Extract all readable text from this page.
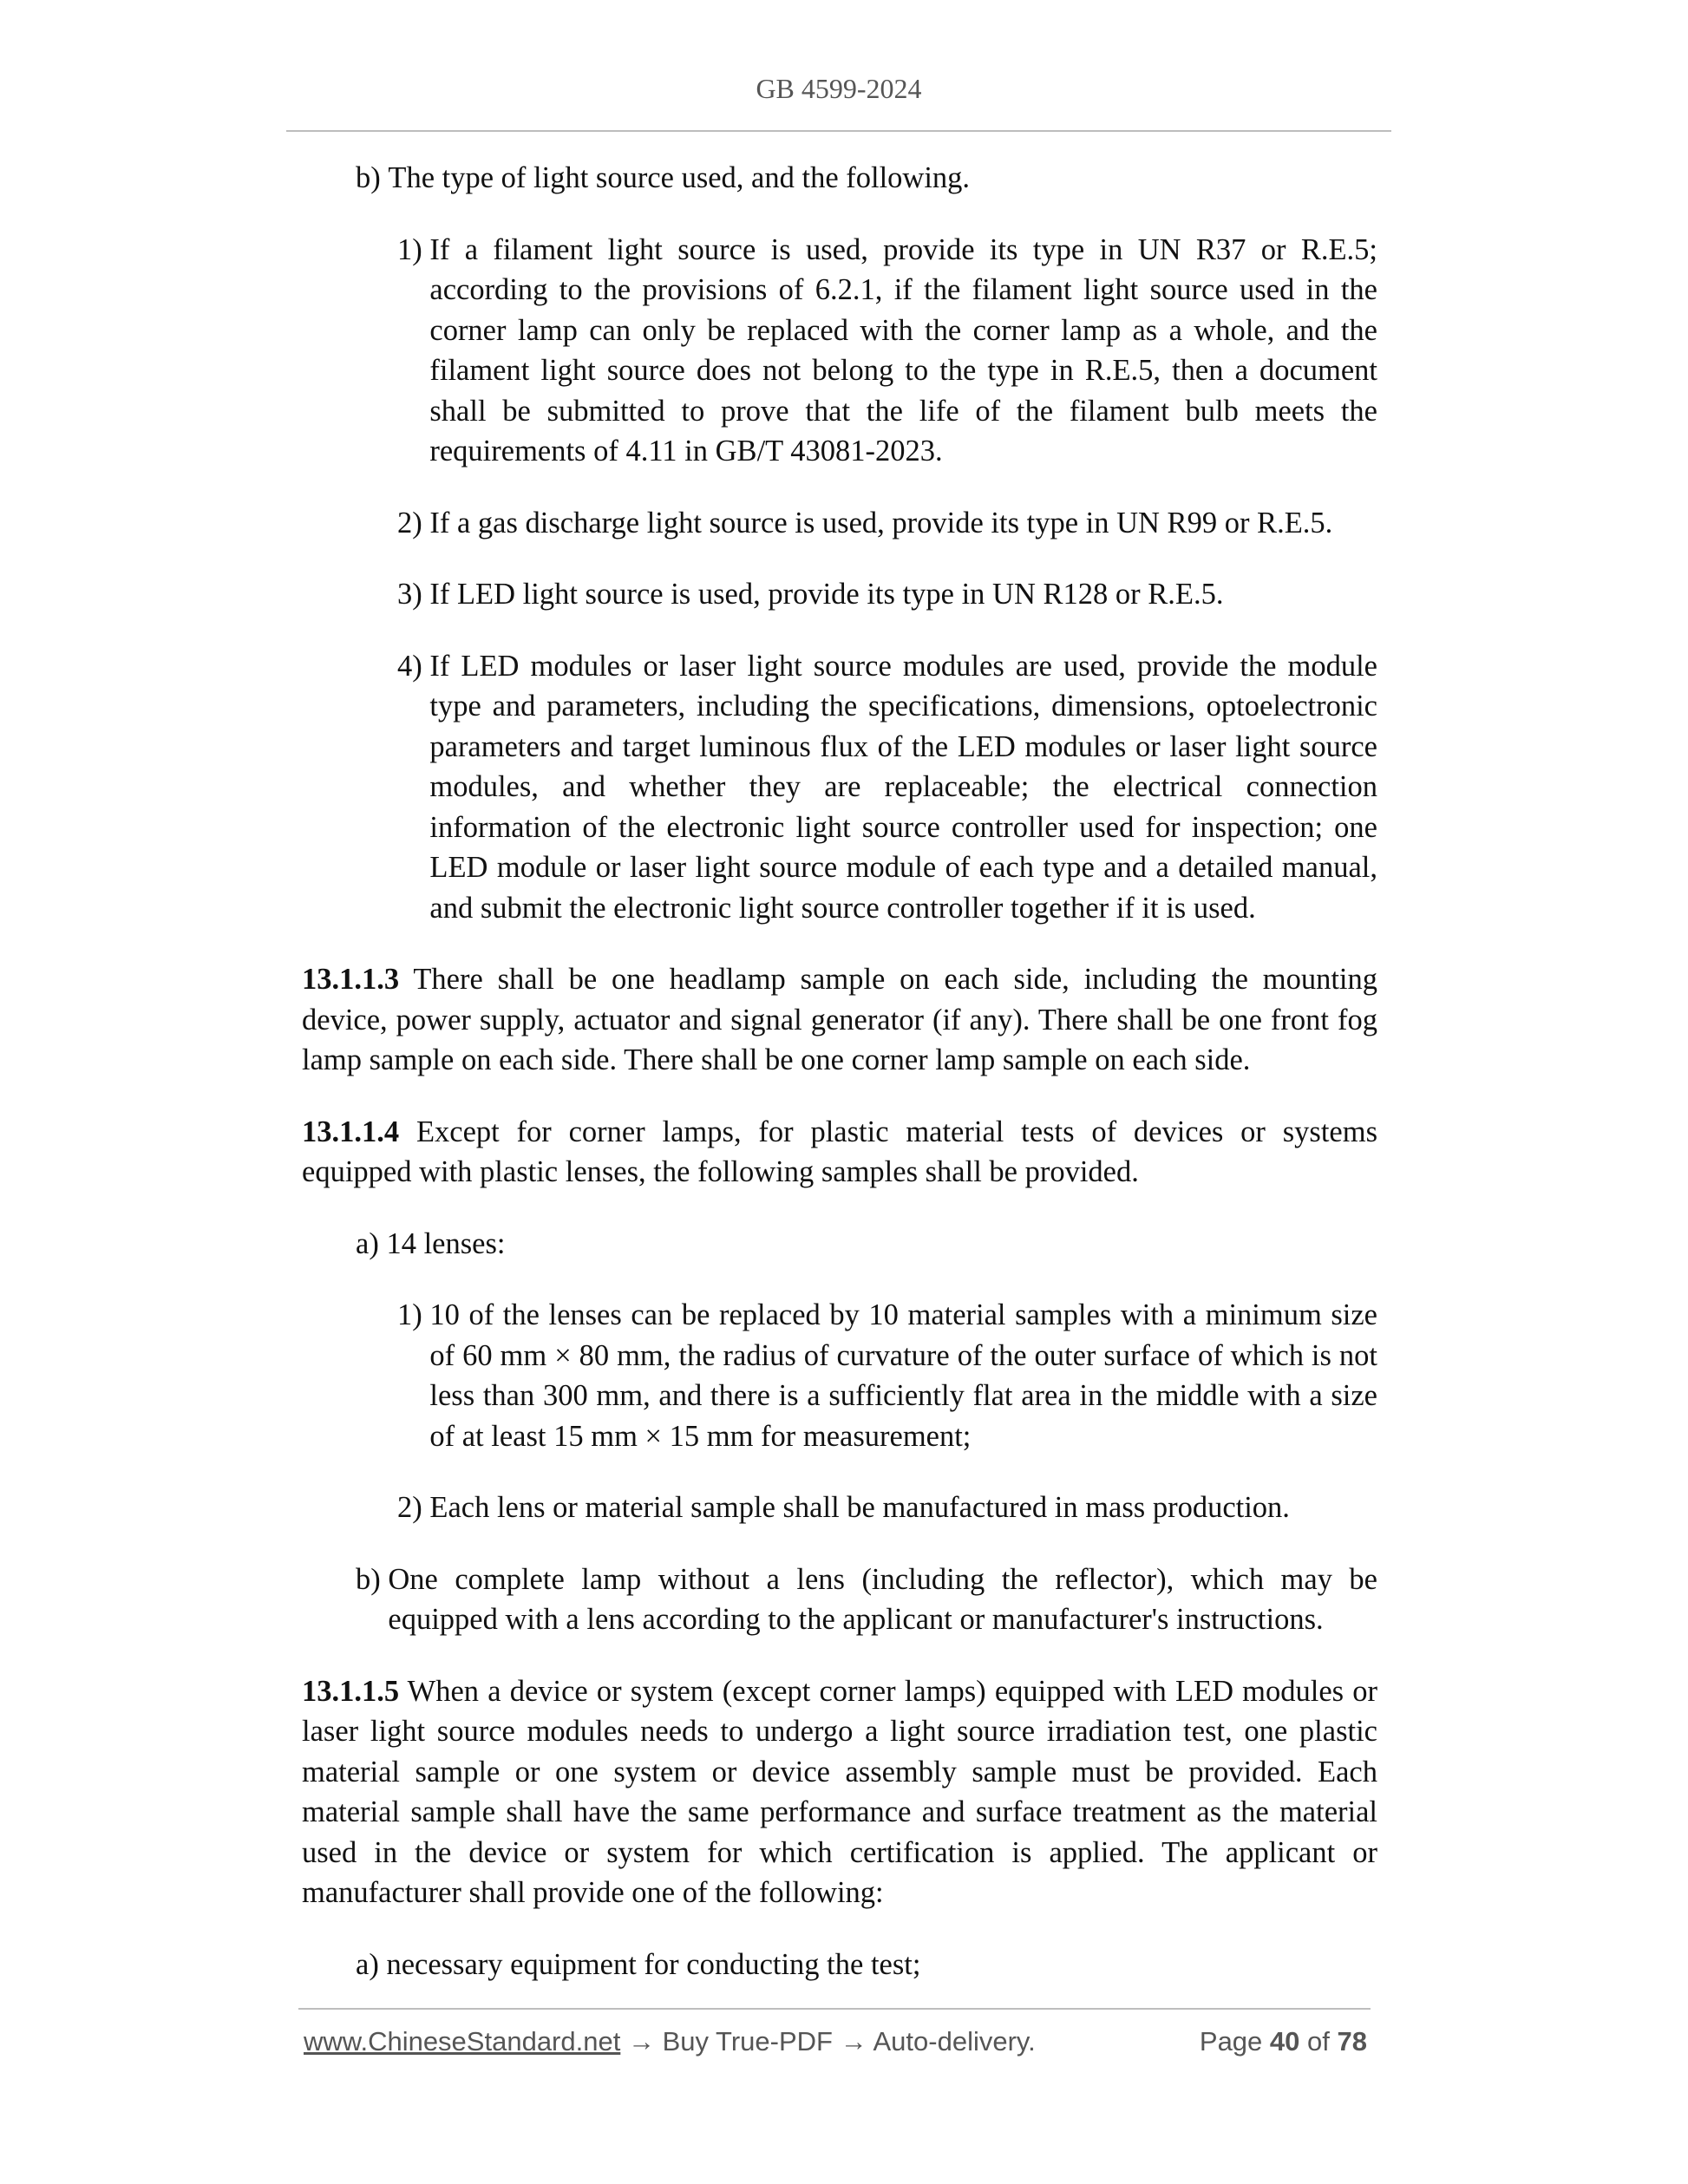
GB 4599-2024
b) The type of light source used, and the following.
1) If a filament light source is used, provide its type in UN R37 or R.E.5; according to the provisions of 6.2.1, if the filament light source used in the corner lamp can only be replaced with the corner lamp as a whole, and the filament light source does not belong to the type in R.E.5, then a document shall be submitted to prove that the life of the filament bulb meets the requirements of 4.11 in GB/T 43081-2023.
2) If a gas discharge light source is used, provide its type in UN R99 or R.E.5.
3) If LED light source is used, provide its type in UN R128 or R.E.5.
4) If LED modules or laser light source modules are used, provide the module type and parameters, including the specifications, dimensions, optoelectronic parameters and target luminous flux of the LED modules or laser light source modules, and whether they are replaceable; the electrical connection information of the electronic light source controller used for inspection; one LED module or laser light source module of each type and a detailed manual, and submit the electronic light source controller together if it is used.

13.1.1.3 There shall be one headlamp sample on each side, including the mounting device, power supply, actuator and signal generator (if any). There shall be one front fog lamp sample on each side. There shall be one corner lamp sample on each side.

13.1.1.4 Except for corner lamps, for plastic material tests of devices or systems equipped with plastic lenses, the following samples shall be provided.

a) 14 lenses:
1) 10 of the lenses can be replaced by 10 material samples with a minimum size of 60 mm × 80 mm, the radius of curvature of the outer surface of which is not less than 300 mm, and there is a sufficiently flat area in the middle with a size of at least 15 mm × 15 mm for measurement;
2) Each lens or material sample shall be manufactured in mass production.
b) One complete lamp without a lens (including the reflector), which may be equipped with a lens according to the applicant or manufacturer's instructions.

13.1.1.5 When a device or system (except corner lamps) equipped with LED modules or laser light source modules needs to undergo a light source irradiation test, one plastic material sample or one system or device assembly sample must be provided. Each material sample shall have the same performance and surface treatment as the material used in the device or system for which certification is applied. The applicant or manufacturer shall provide one of the following:

a) necessary equipment for conducting the test;
www.ChineseStandard.net → Buy True-PDF → Auto-delivery.	Page 40 of 78
